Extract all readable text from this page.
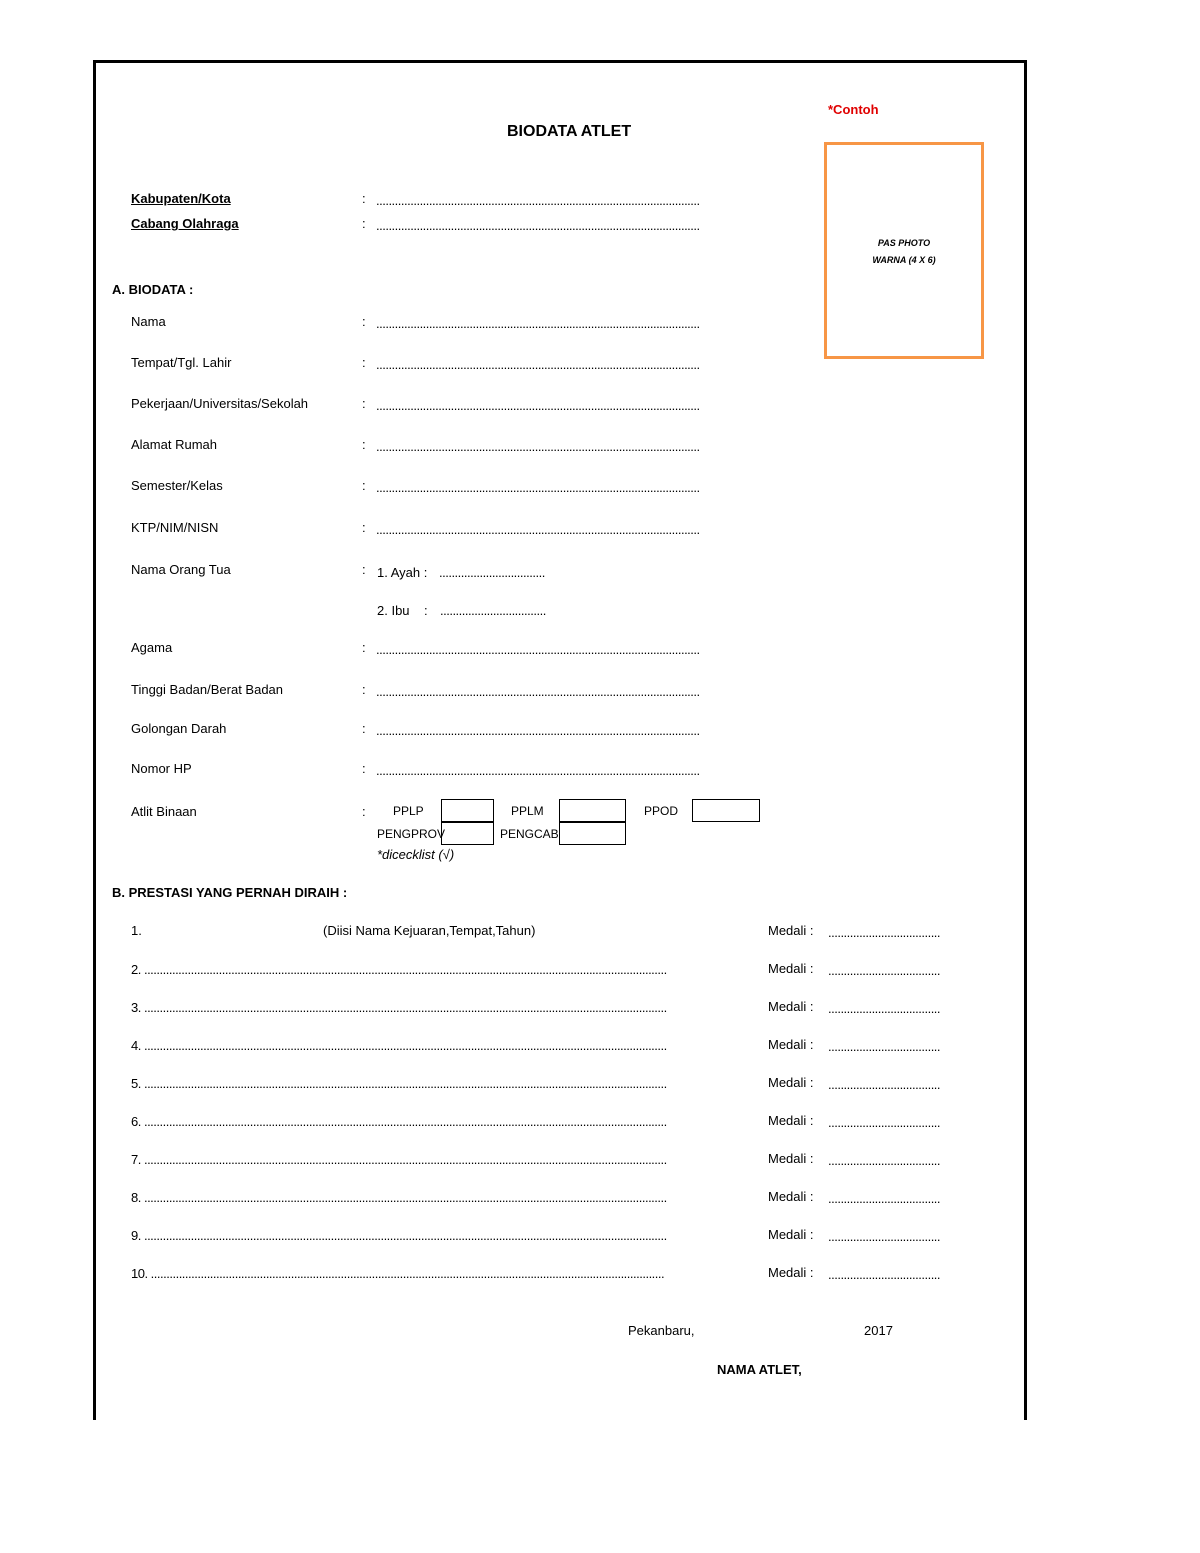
*Contoh
BIODATA ATLET
PAS PHOTO
WARNA (4 X 6)
Kabupaten/Kota	: ........................................................................................................
Cabang Olahraga	: ........................................................................................................
A. BIODATA :
Nama	: ........................................................................................................
Tempat/Tgl. Lahir	: ........................................................................................................
Pekerjaan/Universitas/Sekolah	: ........................................................................................................
Alamat Rumah	: ........................................................................................................
Semester/Kelas	: ........................................................................................................
KTP/NIM/NISN	: ........................................................................................................
Nama Orang Tua	: 1. Ayah : ..................................
2. Ibu : ..................................
Agama	: ........................................................................................................
Tinggi Badan/Berat Badan	: ........................................................................................................
Golongan Darah	: ........................................................................................................
Nomor HP	: ........................................................................................................
Atlit Binaan	: PPLP	PPLM	PPOD
PENGPROV	PENGCAB
*dicecklist (√)
B. PRESTASI YANG PERNAH DIRAIH :
1.	(Diisi Nama Kejuaran,Tempat,Tahun)	Medali : ....................................
2. ........................................................................................................................................................................	Medali : ....................................
3. ........................................................................................................................................................................	Medali : ....................................
4. ........................................................................................................................................................................	Medali : ....................................
5. ........................................................................................................................................................................	Medali : ....................................
6. ........................................................................................................................................................................	Medali : ....................................
7. ........................................................................................................................................................................	Medali : ....................................
8. ........................................................................................................................................................................	Medali : ....................................
9. ........................................................................................................................................................................	Medali : ....................................
10. .....................................................................................................................................................................	Medali : ....................................
Pekanbaru,	2017
NAMA ATLET,
